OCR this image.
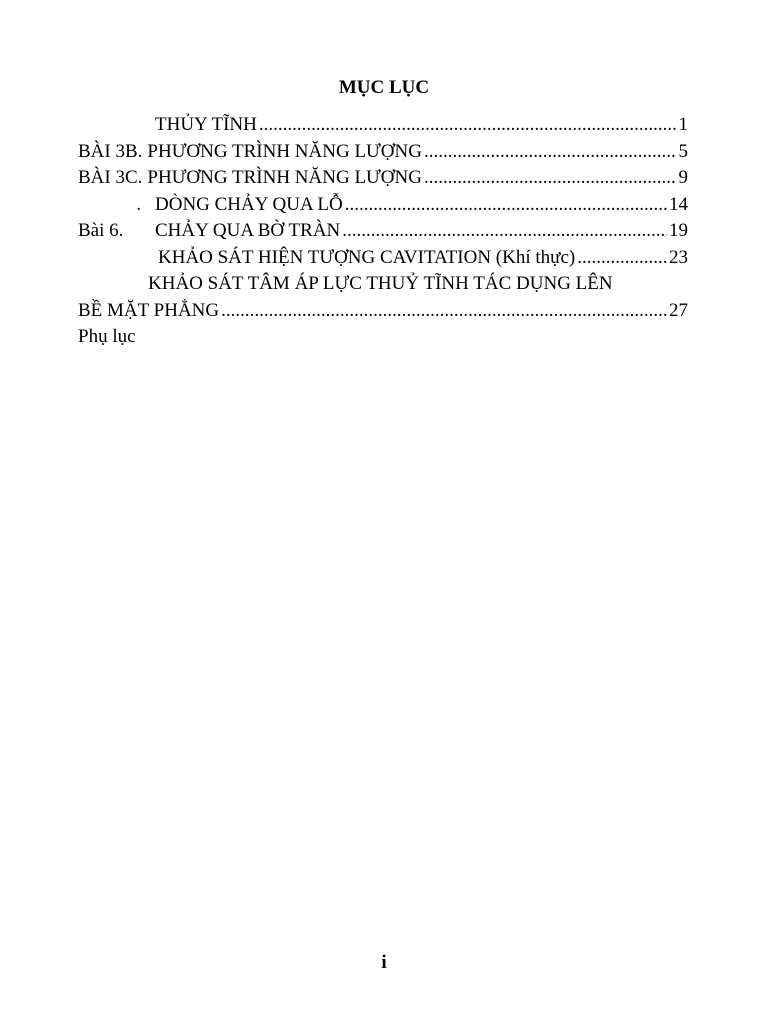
MỤC LỤC
THỦY TĨNH .....	1
BÀI 3B. PHƯƠNG TRÌNH NĂNG LƯỢNG .....	5
BÀI 3C. PHƯƠNG TRÌNH NĂNG LƯỢNG .....	9
. DÒNG CHẢY QUA LỖ .....	14
Bài 6.	CHẢY QUA BỜ TRÀN .....	19
KHẢO SÁT HIỆN TƯỢNG CAVITATION (Khí thực) .....	23
KHẢO SÁT TÂM ÁP LỰC THUỶ TĨNH TÁC DỤNG LÊN
BỀ MẶT PHẲNG .....	27
Phụ lục
i
